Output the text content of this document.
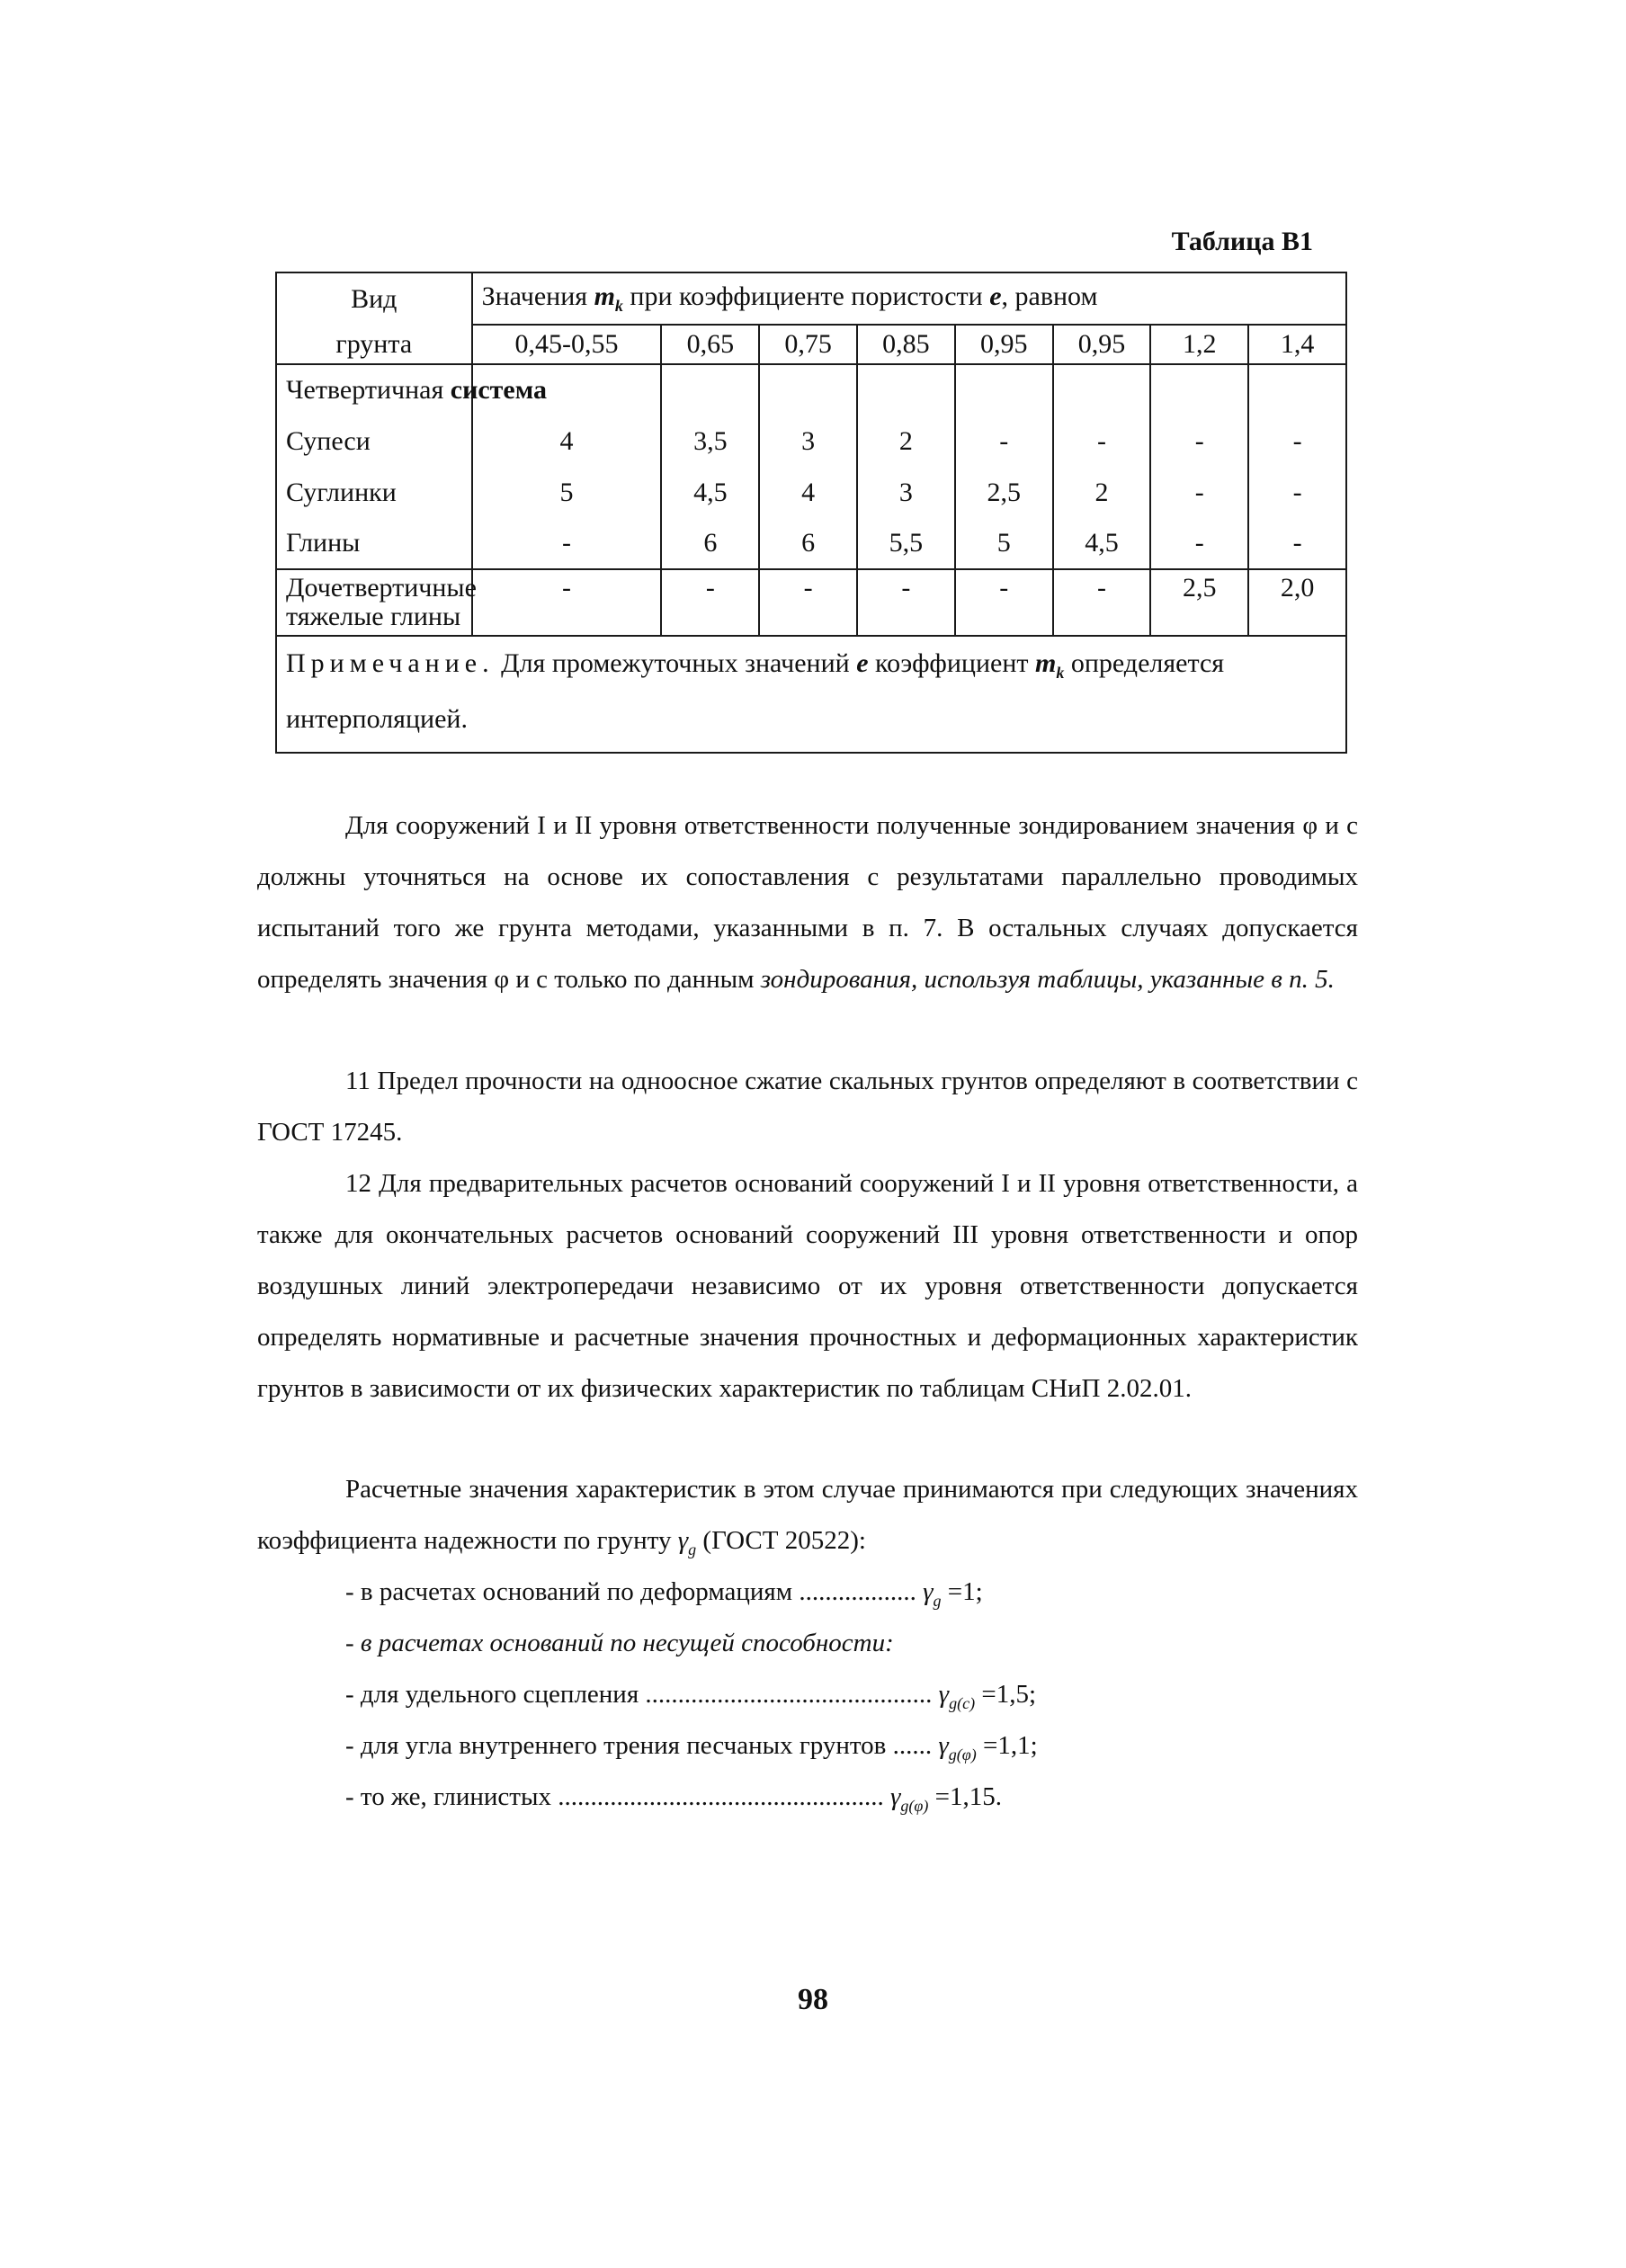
Таблица В1
Вид	Значения $m_k$ при коэффициенте пористости e, равном							
грунта	0,45-0,55	0,65	0,75	0,85	0,95	0,95	1,2	1,4
Четвертичная система								
Супеси	4	3,5	3	2	-	-	-	-
Суглинки	5	4,5	4	3	2,5	2	-	-
Глины	-	6	6	5,5	5	4,5	-	-

Дочетвертичные
тяжелые глины	-	-	-	-	-	-	2,5	2,0
Примечание. Для промежуточных значений e коэффициент $m_k$ определяется
интерполяцией.								
Для сооружений I и II уровня ответственности полученные зондированием значения φ и c должны уточняться на основе их сопоставления с результатами параллельно проводимых испытаний того же грунта методами, указанными в п. 7. В остальных случаях допускается определять значения φ и c только по данным зондирования, используя таблицы, указанные в п. 5.
11 Предел прочности на одноосное сжатие скальных грунтов определяют в соответствии с ГОСТ 17245.
12 Для предварительных расчетов оснований сооружений I и II уровня ответственности, а также для окончательных расчетов оснований сооружений III уровня ответственности и опор воздушных линий электропередачи независимо от их уровня ответственности допускается определять нормативные и расчетные значения прочностных и деформационных характеристик грунтов в зависимости от их физических характеристик по таблицам СНиП 2.02.01.
Расчетные значения характеристик в этом случае принимаются при следующих значениях коэффициента надежности по грунту $\gamma_g$ (ГОСТ 20522):
- в расчетах оснований по деформациям .................. $\gamma_g =1$;
- в расчетах оснований по несущей способности:
- для удельного сцепления ............................................ $\gamma_{g(c)} =1,5$;
- для угла внутреннего трения песчаных грунтов ...... $\gamma_{g(\varphi)} =1,1$;
- то же, глинистых .................................................. $\gamma_{g(\varphi)} =1,15$.
98
